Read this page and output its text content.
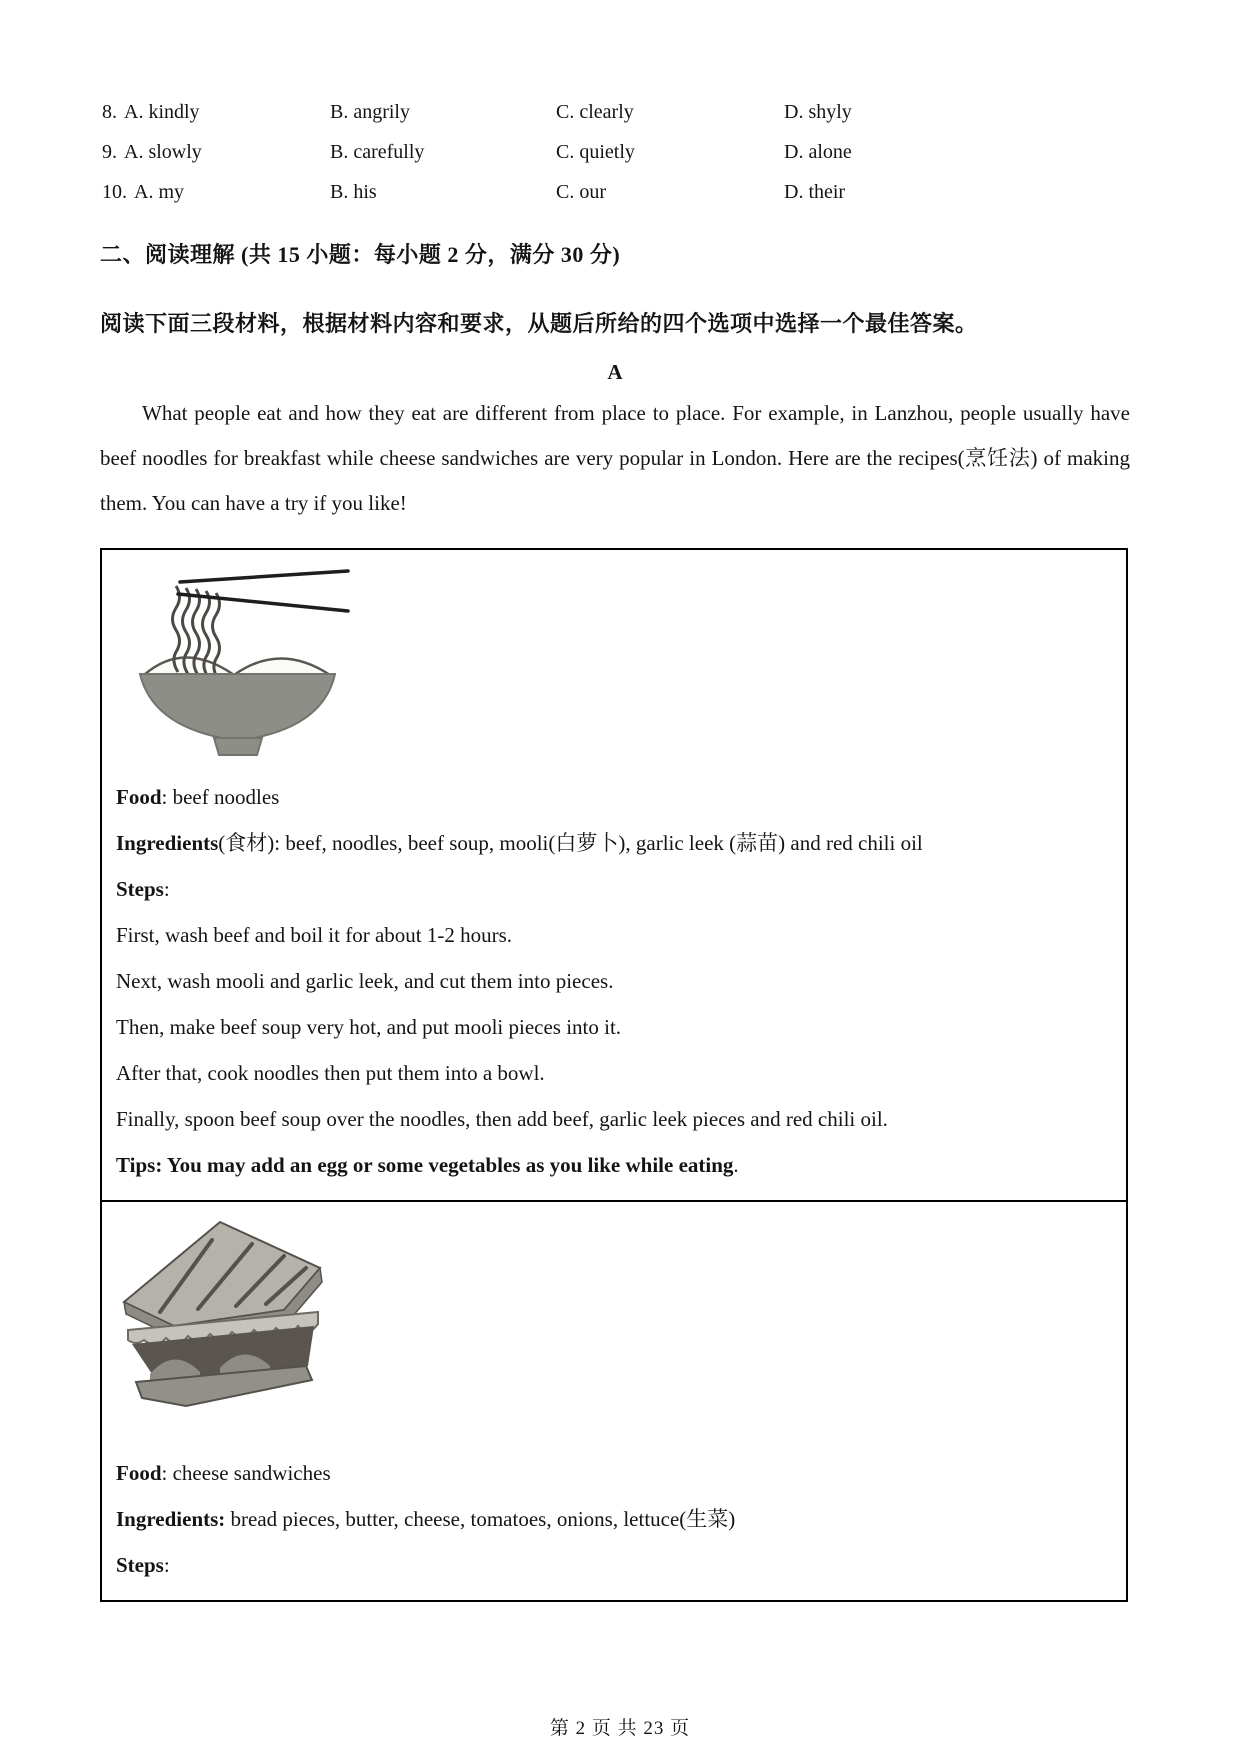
8. A. kindly	B. angrily	C. clearly	D. shyly
9. A. slowly	B. carefully	C. quietly	D. alone
10. A. my	B. his	C. our	D. their
二、阅读理解 (共 15 小题：每小题 2 分，满分 30 分)
阅读下面三段材料，根据材料内容和要求，从题后所给的四个选项中选择一个最佳答案。
A
What people eat and how they eat are different from place to place. For example, in Lanzhou, people usually have beef noodles for breakfast while cheese sandwiches are very popular in London. Here are the recipes(烹饪法) of making them. You can have a try if you like!

Food: beef noodles

Ingredients(食材): beef, noodles, beef soup, mooli(白萝卜), garlic leek (蒜苗) and red chili oil

Steps:

First, wash beef and boil it for about 1-2 hours.

Next, wash mooli and garlic leek, and cut them into pieces.

Then, make beef soup very hot, and put mooli pieces into it.

After that, cook noodles then put them into a bowl.

Finally, spoon beef soup over the noodles, then add beef, garlic leek pieces and red chili oil.

Tips: You may add an egg or some vegetables as you like while eating.

Food: cheese sandwiches

Ingredients: bread pieces, butter, cheese, tomatoes, onions, lettuce(生菜)

Steps:

第 2 页 共 23 页
